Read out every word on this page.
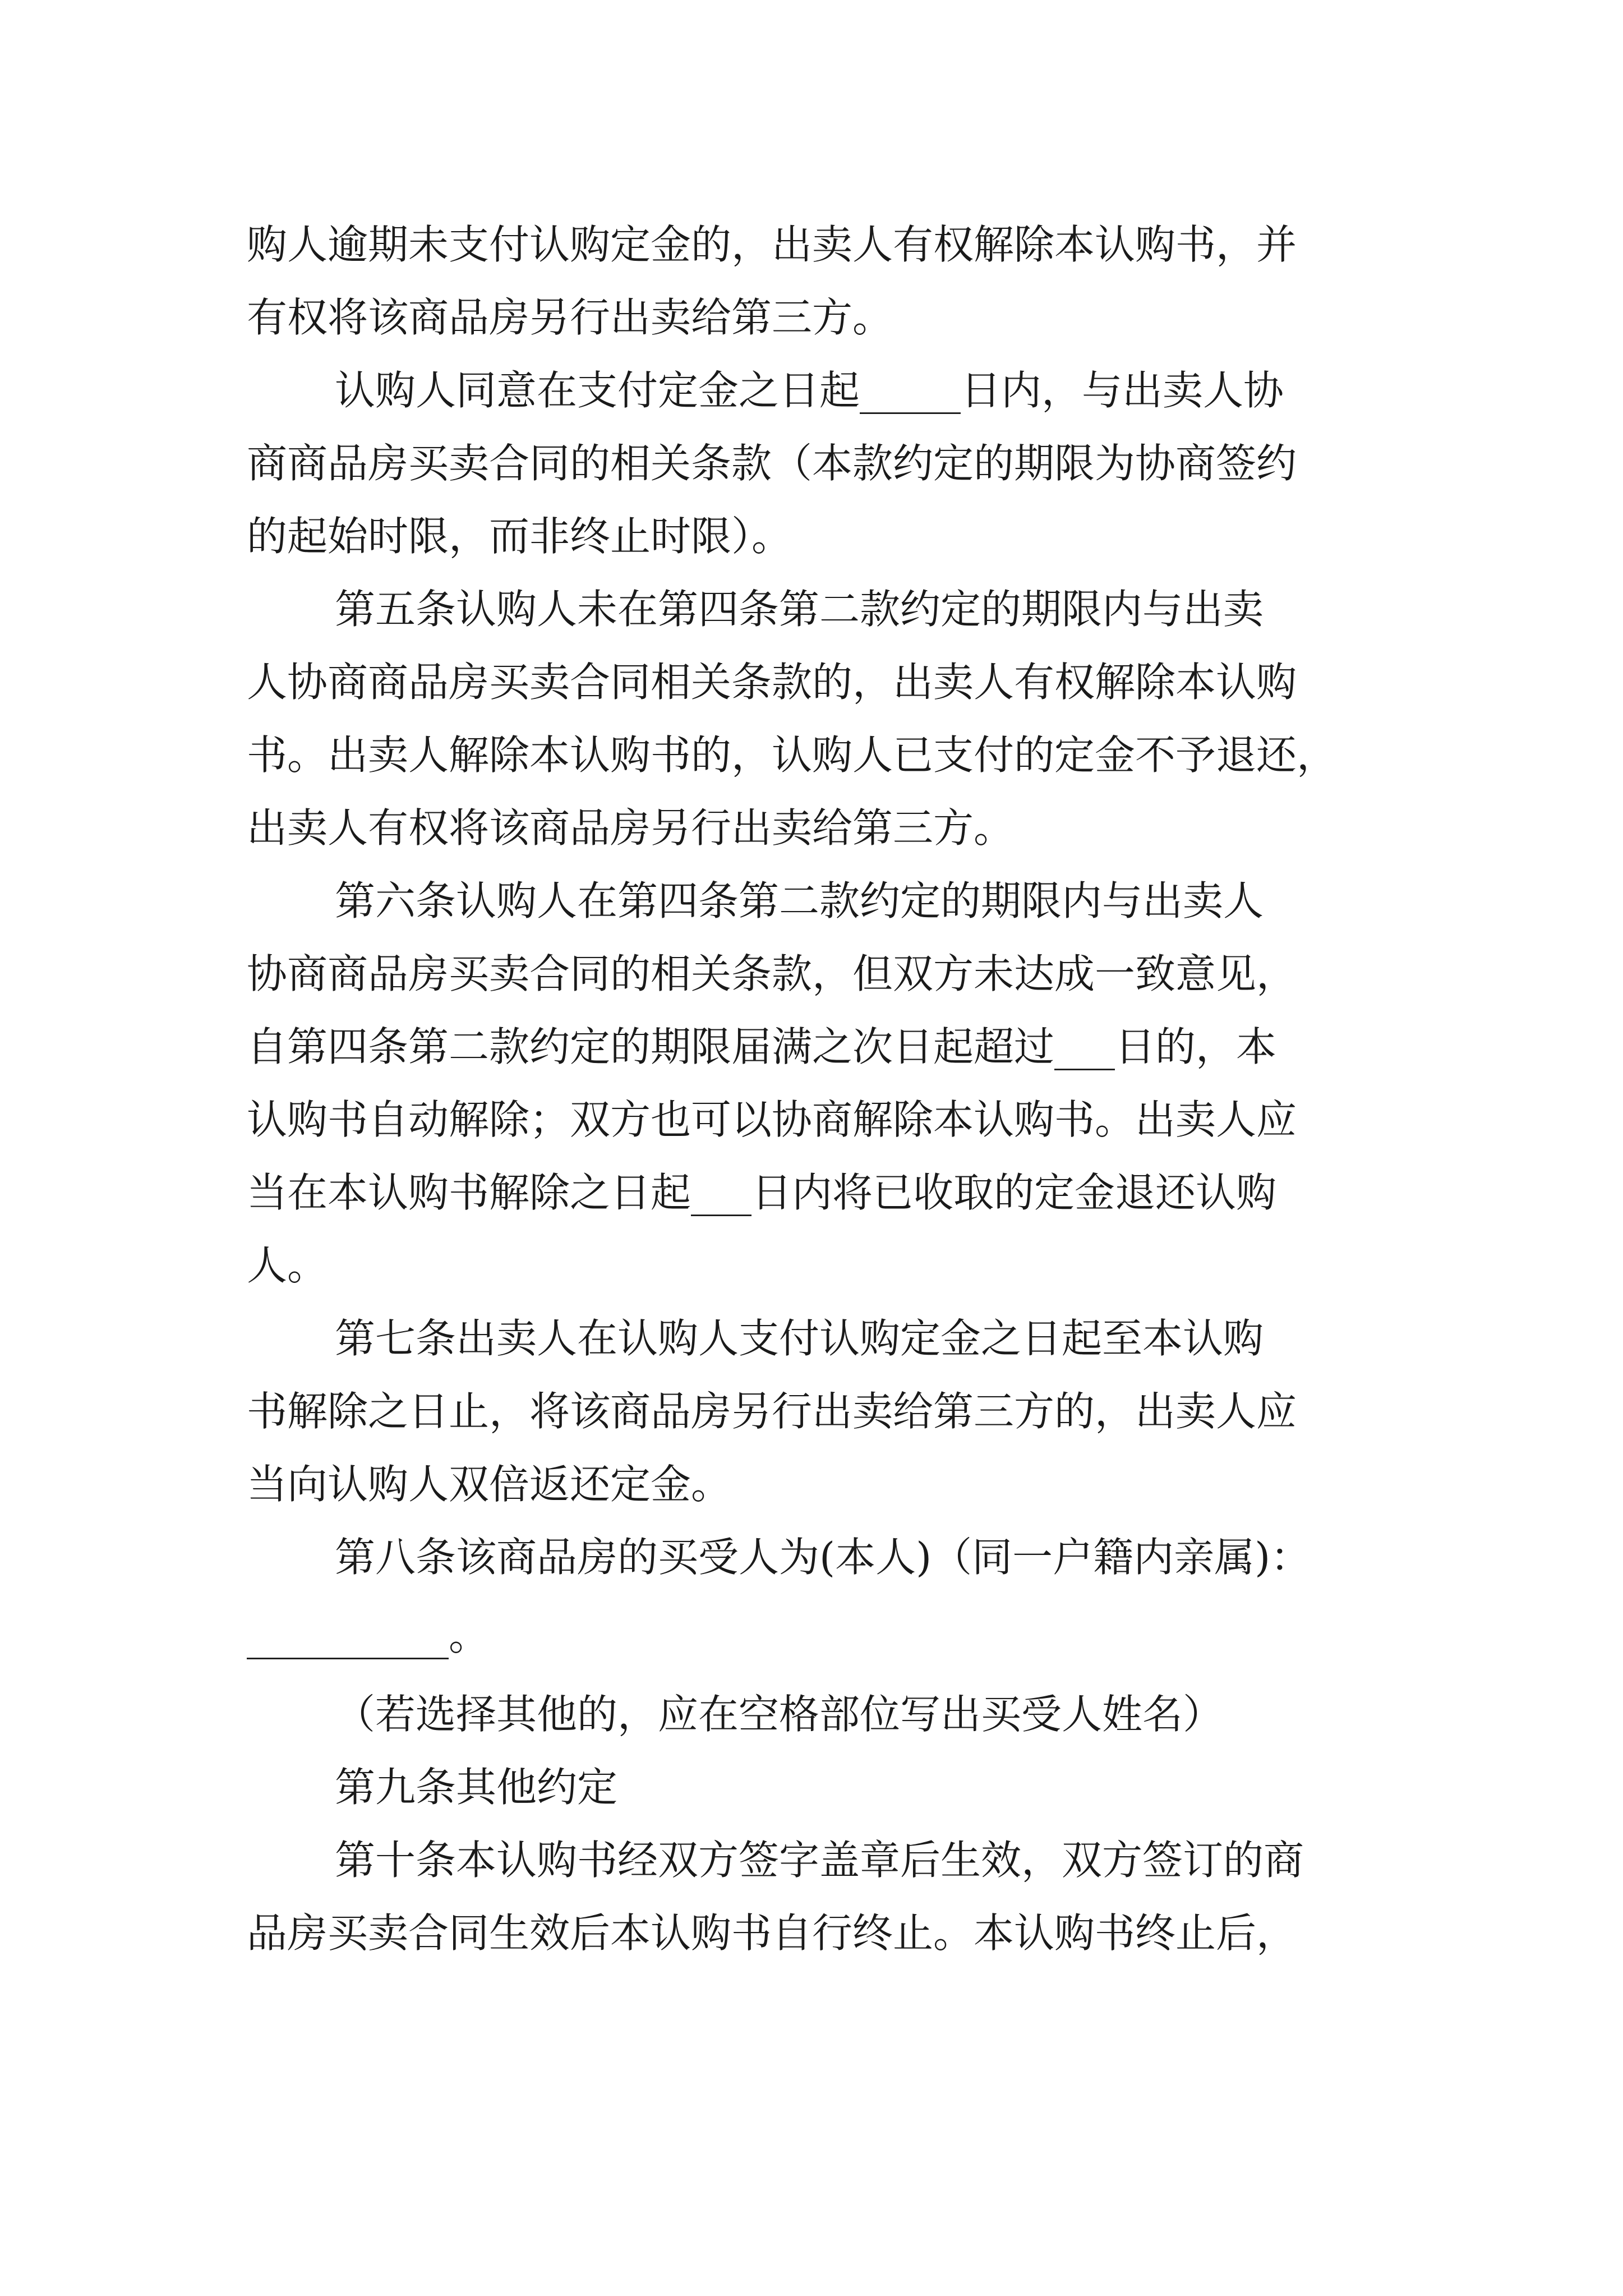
购人逾期未支付认购定金的，出卖人有权解除本认购书，并
有权将该商品房另行出卖给第三方。
认购人同意在支付定金之日起_____日内，与出卖人协
商商品房买卖合同的相关条款（本款约定的期限为协商签约
的起始时限，而非终止时限）。
第五条认购人未在第四条第二款约定的期限内与出卖
人协商商品房买卖合同相关条款的，出卖人有权解除本认购
书。出卖人解除本认购书的，认购人已支付的定金不予退还，
出卖人有权将该商品房另行出卖给第三方。
第六条认购人在第四条第二款约定的期限内与出卖人
协商商品房买卖合同的相关条款，但双方未达成一致意见，
自第四条第二款约定的期限届满之次日起超过___日的，本
认购书自动解除；双方也可以协商解除本认购书。出卖人应
当在本认购书解除之日起___日内将已收取的定金退还认购
人。
第七条出卖人在认购人支付认购定金之日起至本认购
书解除之日止，将该商品房另行出卖给第三方的，出卖人应
当向认购人双倍返还定金。
第八条该商品房的买受人为(本人)（同一户籍内亲属)：
__________。
（若选择其他的，应在空格部位写出买受人姓名）
第九条其他约定
第十条本认购书经双方签字盖章后生效，双方签订的商
品房买卖合同生效后本认购书自行终止。本认购书终止后，
